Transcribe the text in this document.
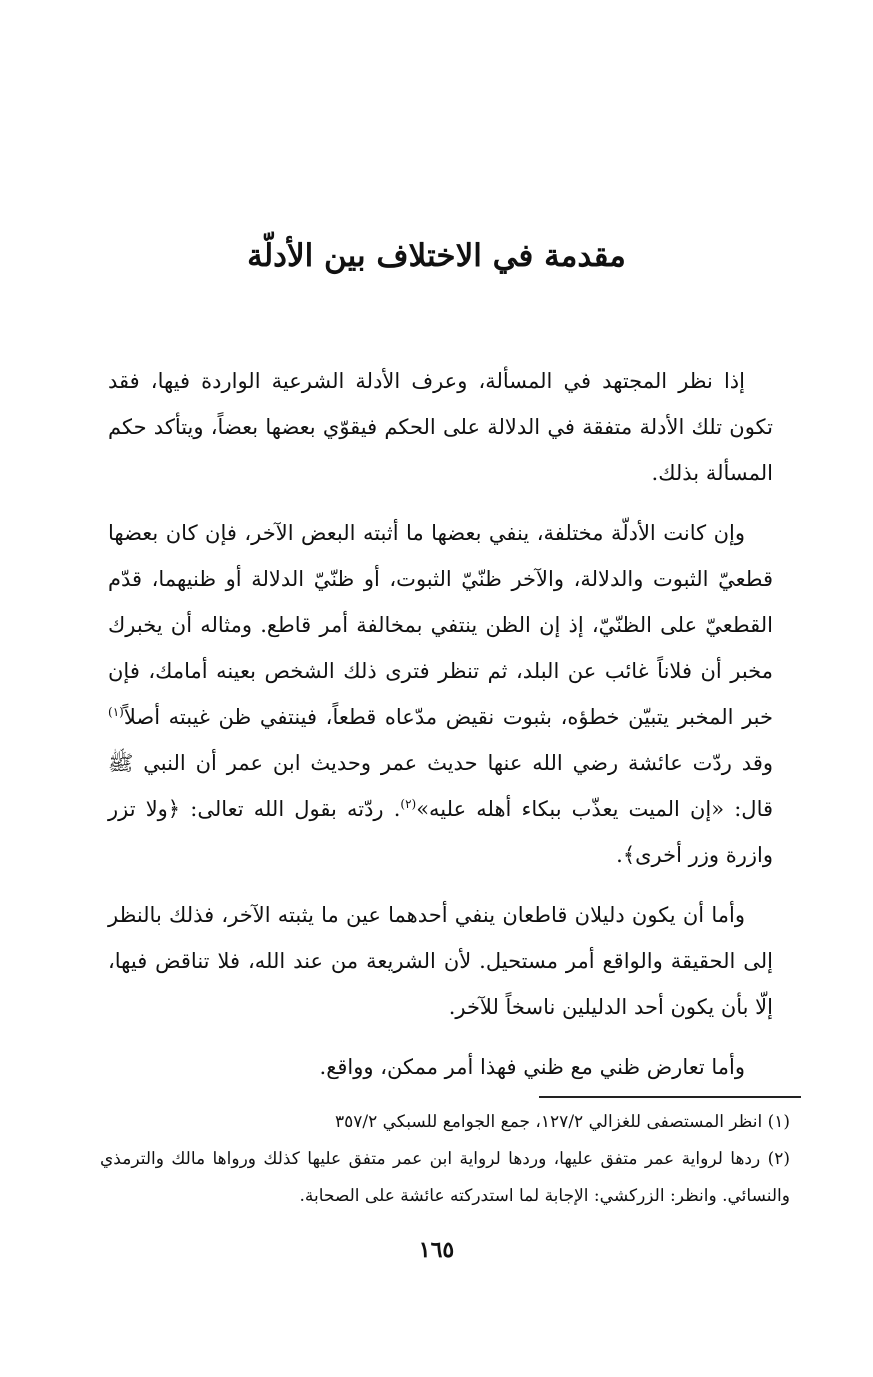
مقدمة في الاختلاف بين الأدلّة

إذا نظر المجتهد في المسألة، وعرف الأدلة الشرعية الواردة فيها، فقد تكون تلك الأدلة متفقة في الدلالة على الحكم فيقوّي بعضها بعضاً، ويتأكد حكم المسألة بذلك.

وإن كانت الأدلّة مختلفة، ينفي بعضها ما أثبته البعض الآخر، فإن كان بعضها قطعيّ الثبوت والدلالة، والآخر ظنّيّ الثبوت، أو ظنّيّ الدلالة أو ظنيهما، قدّم القطعيّ على الظنّيّ، إذ إن الظن ينتفي بمخالفة أمر قاطع. ومثاله أن يخبرك مخبر أن فلاناً غائب عن البلد، ثم تنظر فترى ذلك الشخص بعينه أمامك، فإن خبر المخبر يتبيّن خطؤه، بثبوت نقيض مدّعاه قطعاً، فينتفي ظن غيبته أصلاً$^{(١)}$ وقد ردّت عائشة رضي الله عنها حديث عمر وحديث ابن عمر أن النبي ﷺ قال: «إن الميت يعذّب ببكاء أهله عليه»$^{(٢)}$. ردّته بقول الله تعالى: ﴿ولا تزر وازرة وزر أخرى﴾.

وأما أن يكون دليلان قاطعان ينفي أحدهما عين ما يثبته الآخر، فذلك بالنظر إلى الحقيقة والواقع أمر مستحيل. لأن الشريعة من عند الله، فلا تناقض فيها، إلّا بأن يكون أحد الدليلين ناسخاً للآخر.

وأما تعارض ظني مع ظني فهذا أمر ممكن، وواقع.

(١) انظر المستصفى للغزالي ١٢٧/٢، جمع الجوامع للسبكي ٣٥٧/٢

(٢) ردها لرواية عمر متفق عليها، وردها لرواية ابن عمر متفق عليها كذلك ورواها مالك والترمذي والنسائي. وانظر: الزركشي: الإجابة لما استدركته عائشة على الصحابة.

١٦٥
